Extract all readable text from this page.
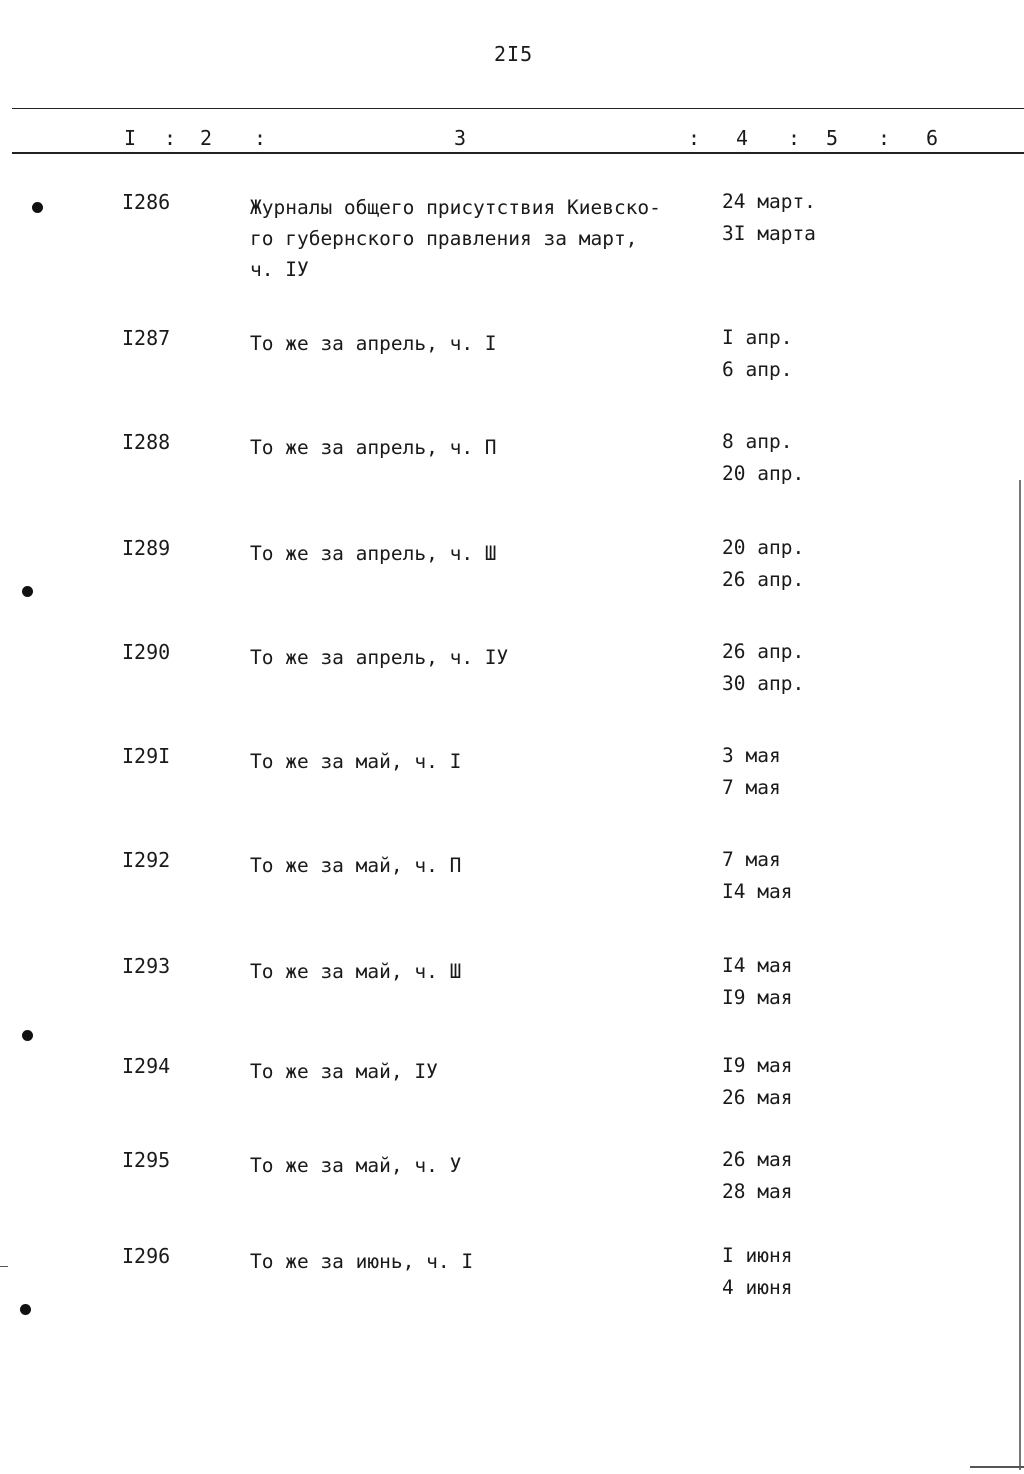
2I5
I : 2 :	3	: 4 : 5 : 6
I286	Журналы общего присутствия Киевско-
го губернского правления за март,
ч. IУ
24 март.
3I марта
I287	То же за апрель, ч. I	I апр.
6 апр.
I288	То же за апрель, ч. П	8 апр.
20 апр.
I289	То же за апрель, ч. Ш	20 апр.
26 апр.
I290	То же за апрель, ч. IУ	26 апр.
30 апр.
I29I	То же за май, ч. I	3 мая
7 мая
I292	То же за май, ч. П	7 мая
I4 мая
I293	То же за май, ч. Ш	I4 мая
I9 мая
I294	То же за май, IУ	I9 мая
26 мая
I295	То же за май, ч. У	26 мая
28 мая
I296	То же за июнь, ч. I	I июня
4 июня
